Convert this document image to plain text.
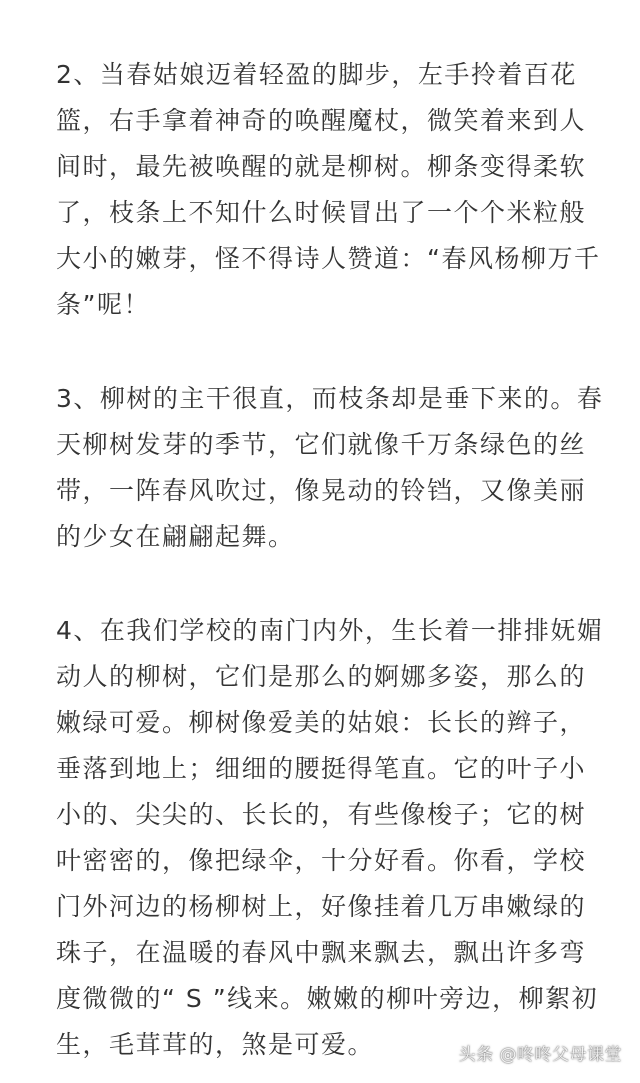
2、当春姑娘迈着轻盈的脚步，左手拎着百花
篮，右手拿着神奇的唤醒魔杖，微笑着来到人
间时，最先被唤醒的就是柳树。柳条变得柔软
了，枝条上不知什么时候冒出了一个个米粒般
大小的嫩芽，怪不得诗人赞道：“春风杨柳万千
条”呢！

3、柳树的主干很直，而枝条却是垂下来的。春
天柳树发芽的季节，它们就像千万条绿色的丝
带，一阵春风吹过，像晃动的铃铛，又像美丽
的少女在翩翩起舞。

4、在我们学校的南门内外，生长着一排排妩媚
动人的柳树，它们是那么的婀娜多姿，那么的
嫩绿可爱。柳树像爱美的姑娘：长长的辫子，
垂落到地上；细细的腰挺得笔直。它的叶子小
小的、尖尖的、长长的，有些像梭子；它的树
叶密密的，像把绿伞，十分好看。你看，学校
门外河边的杨柳树上，好像挂着几万串嫩绿的
珠子，在温暖的春风中飘来飘去，飘出许多弯
度微微的“ S ”线来。嫩嫩的柳叶旁边，柳絮初
生，毛茸茸的，煞是可爱。	头条 @咚咚父母课堂
